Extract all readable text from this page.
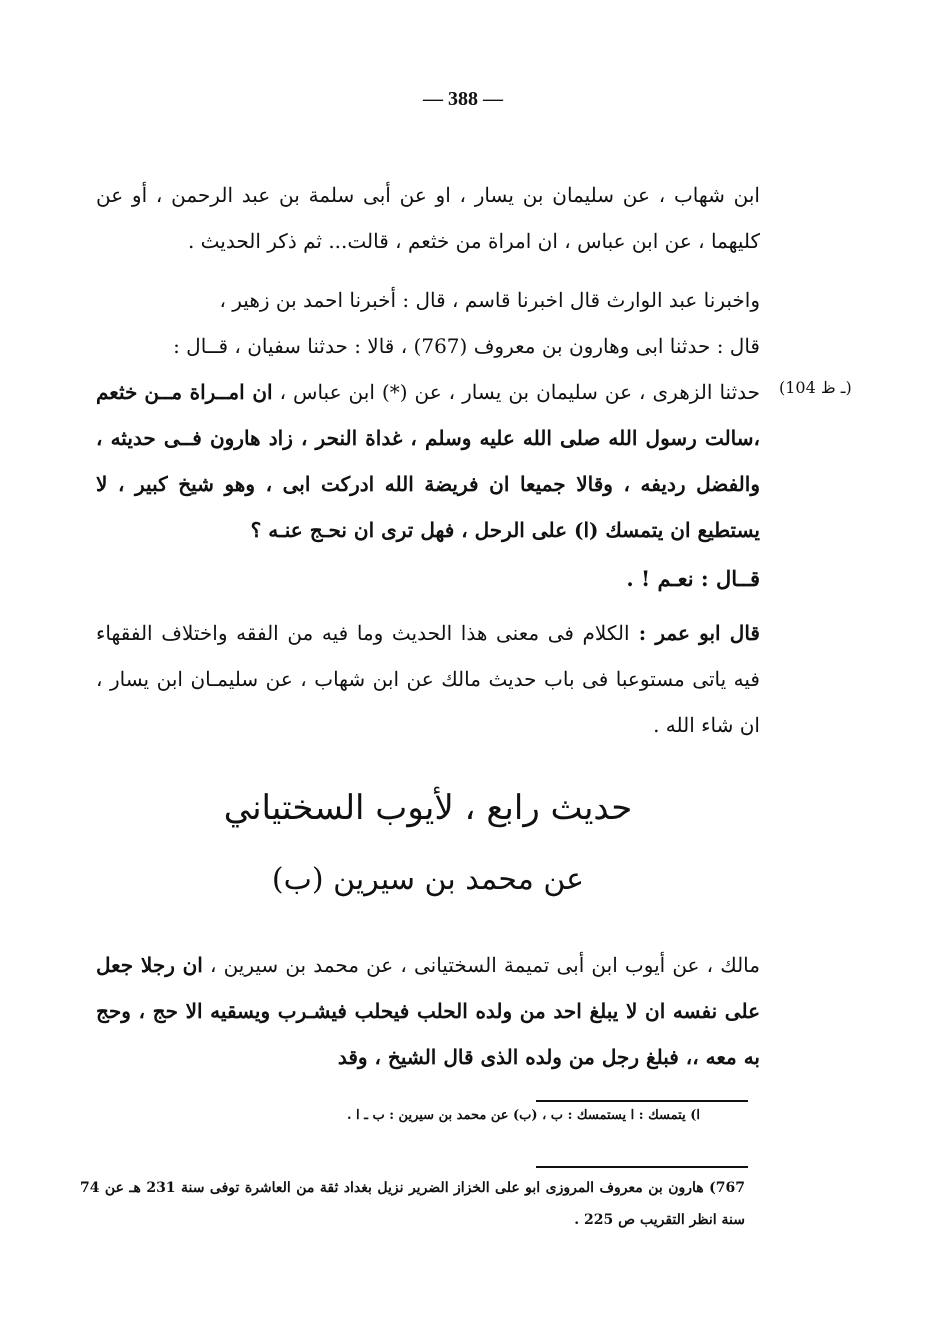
— 388 —
ابن شهاب ، عن سليمان بن يسار ، او عن أبى سلمة بن عبد الرحمن ، أو عن كليهما ، عن ابن عباس ، ان امراة من خثعم ، قالت... ثم ذكر الحديث .
واخبرنا عبد الوارث قال اخبرنا قاسم ، قال : أخبرنا احمد بن زهير ،
قال : حدثنا ابى وهارون بن معروف (767) ، قالا : حدثنا سفيان ، قــال :
حدثنا الزهرى ، عن سليمان بن يسار ، عن (*) ابن عباس ، ان امــراة مــن خثعم ،سالت رسول الله صلى الله عليه وسلم ، غداة النحر ، زاد هارون فــى حديثه ، والفضل رديفه ، وقالا جميعا ان فريضة الله ادركت ابى ، وهو شيخ كبير ، لا يستطيع ان يتمسك (ا) على الرحل ، فهل ترى ان نحـج عنـه ؟
(104 ـ ظ)
قــال : نعـم ! .
قال ابو عمر : الكلام فى معنى هذا الحديث وما فيه من الفقه واختلاف الفقهاء فيه ياتى مستوعبا فى باب حديث مالك عن ابن شهاب ، عن سليمـان ابن يسار ، ان شاء الله .
حديث رابع ، لأيوب السختياني
عن محمد بن سيرين (ب)
مالك ، عن أيوب ابن أبى تميمة السختيانى ، عن محمد بن سيرين ، ان رجلا جعل على نفسه ان لا يبلغ احد من ولده الحلب فيحلب فيشـرب ويسقيه الا حج ، وحج به معه ،، فبلغ رجل من ولده الذى قال الشيخ ، وقد
ا) يتمسك : ا يستمسك : ب ، (ب) عن محمد بن سيرين : ب ـ ا .
767) هارون بن معروف المروزى ابو على الخزاز الضرير نزيل بغداد ثقة من العاشرة توفى سنة 231 هـ عن 74 سنة انظر التقريب ص 225 .
